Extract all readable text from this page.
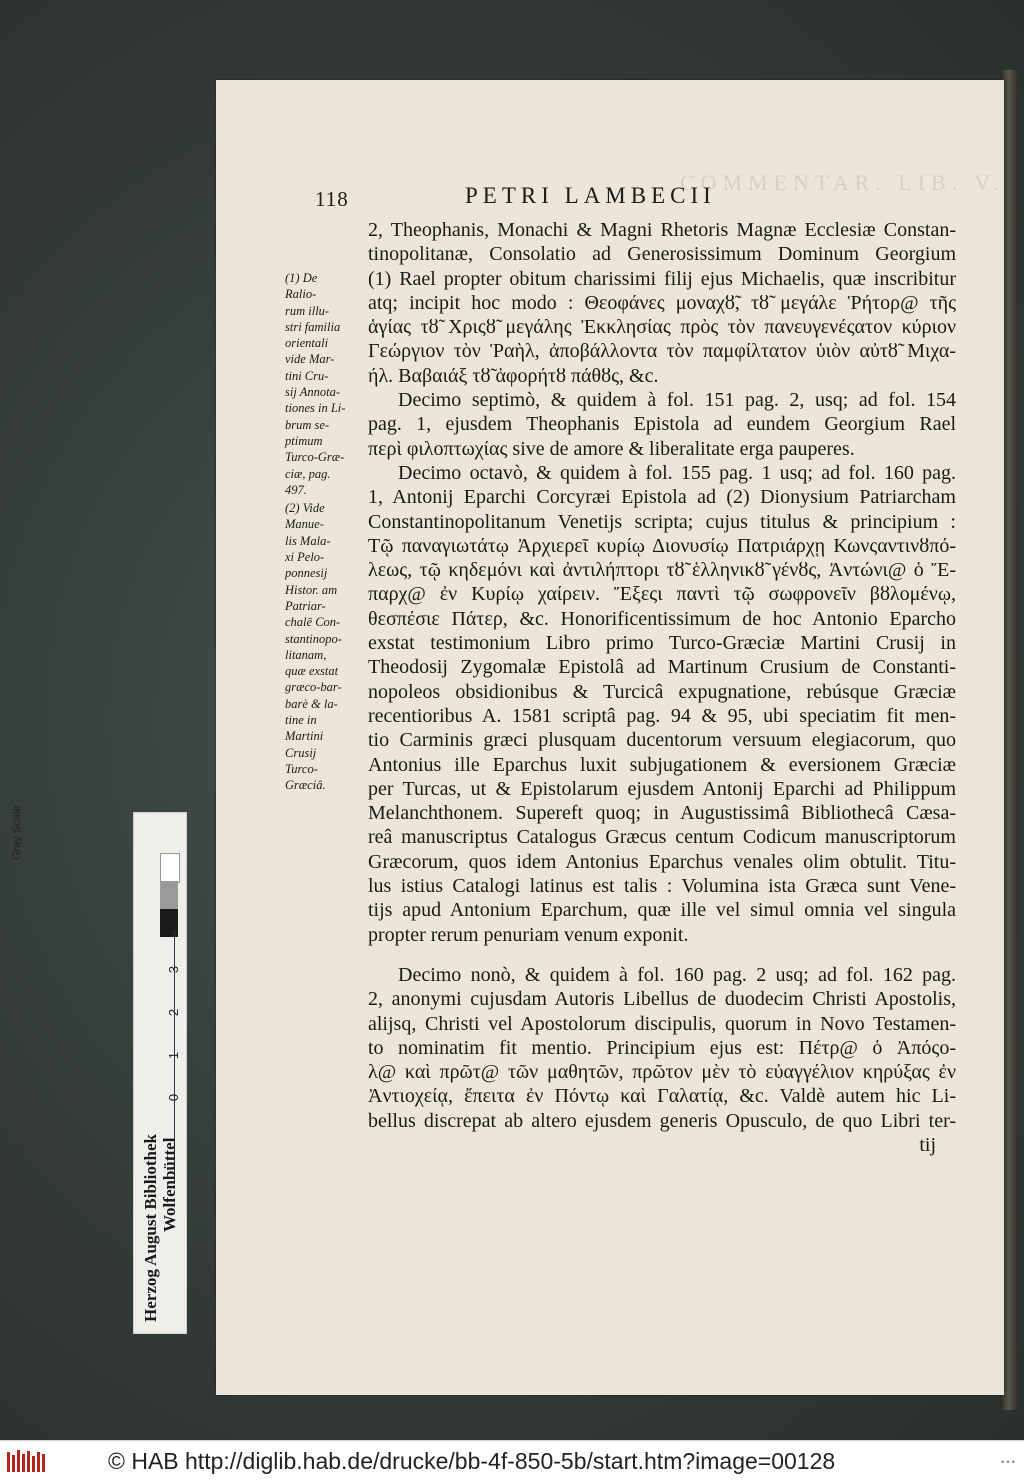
COMMENTAR. LIB. V.
118	PETRI LAMBECII
2, Theophanis, Monachi & Magni Rhetoris Magnæ Ecclesiæ Constan-
tinopolitanæ, Consolatio ad Generosissimum Dominum Georgium
(1) Rael propter obitum charissimi filij ejus Michaelis, quæ inscribitur
atq; incipit hoc modo : Θεοφάνες μοναχȣ̃, τȣ̃ μεγάλε Ῥήτορ@ τῆς
ἁγίας τȣ̃ Χριςȣ̃ μεγάλης Ἐκκλησίας πρὸς τὸν πανευγενέςατον κύριον
Γεώργιον τὸν Ῥαὴλ, ἀποβάλλοντα τὸν παμφίλτατον ὑιὸν αὐτȣ̃ Μιχα-
ήλ. Βαβαιάξ τȣ̃ ἀφορήτȣ πάθȣς, &c.
Decimo septimò, & quidem à fol. 151 pag. 2, usq; ad fol. 154
pag. 1, ejusdem Theophanis Epistola ad eundem Georgium Rael
περὶ φιλοπτωχίας sive de amore & liberalitate erga pauperes.
Decimo octavò, & quidem à fol. 155 pag. 1 usq; ad fol. 160 pag.
1, Antonij Eparchi Corcyræi Epistola ad (2) Dionysium Patriarcham
Constantinopolitanum Venetijs scripta; cujus titulus & principium :
Τῷ παναγιωτάτῳ Ἀρχιερεῖ κυρίῳ Διονυσίῳ Πατριάρχῃ Κωνςαντινȣπό-
λεως, τῷ κηδεμόνι καὶ ἀντιλήπτορι τȣ̃ ἑλληνικȣ̃ γένȣς, Ἀντώνι@ ὁ Ἔ-
παρχ@ ἐν Κυρίῳ χαίρειν. Ἔξεςι παντὶ τῷ σωφρονεῖν βȣλομένῳ,
θεσπέσιε Πάτερ, &c. Honorificentissimum de hoc Antonio Eparcho
exstat testimonium Libro primo Turco-Græciæ Martini Crusij in
Theodosij Zygomalæ Epistolâ ad Martinum Crusium de Constanti-
nopoleos obsidionibus & Turcicâ expugnatione, rebúsque Græciæ
recentioribus A. 1581 scriptâ pag. 94 & 95, ubi speciatim fit men-
tio Carminis græci plusquam ducentorum versuum elegiacorum, quo
Antonius ille Eparchus luxit subjugationem & eversionem Græciæ
per Turcas, ut & Epistolarum ejusdem Antonij Eparchi ad Philippum
Melanchthonem. Supereft quoq; in Augustissimâ Bibliothecâ Cæsa-
reâ manuscriptus Catalogus Græcus centum Codicum manuscriptorum
Græcorum, quos idem Antonius Eparchus venales olim obtulit. Titu-
lus istius Catalogi latinus est talis : Volumina ista Græca sunt Vene-
tijs apud Antonium Eparchum, quæ ille vel simul omnia vel singula
propter rerum penuriam venum exponit.
Decimo nonò, & quidem à fol. 160 pag. 2 usq; ad fol. 162 pag.
2, anonymi cujusdam Autoris Libellus de duodecim Christi Apostolis,
alijsq, Christi vel Apostolorum discipulis, quorum in Novo Testamen-
to nominatim fit mentio. Principium ejus est: Πέτρ@ ὁ Ἀπόςο-
λ@ καὶ πρῶτ@ τῶν μαθητῶν, πρῶτον μὲν τὸ εὐαγγέλιον κηρύξας ἐν
Ἀντιοχείᾳ, ἔπειτα ἐν Πόντῳ καὶ Γαλατίᾳ, &c. Valdè autem hic Li-
bellus discrepat ab altero ejusdem generis Opusculo, de quo Libri ter-
tij
(1) De
Ralio-
rum illu-
stri familia
orientali
vide Mar-
tini Cru-
sij Annota-
tiones in Li-
brum se-
ptimum
Turco-Græ-
ciæ, pag.
497.
(2) Vide
Manue-
lis Mala-
xi Pelo-
ponnesij
Histor. am
Patriar-
chalē Con-
stantinopo-
litanam,
quæ exstat
græco-bar-
barè & la-
tine in
Martini
Crusij
Turco-
Græciâ.
Gray Scale
4
3
2
1
0
Herzog August Bibliothek Wolfenbüttel
© HAB http://diglib.hab.de/drucke/bb-4f-850-5b/start.htm?image=00128	•••
